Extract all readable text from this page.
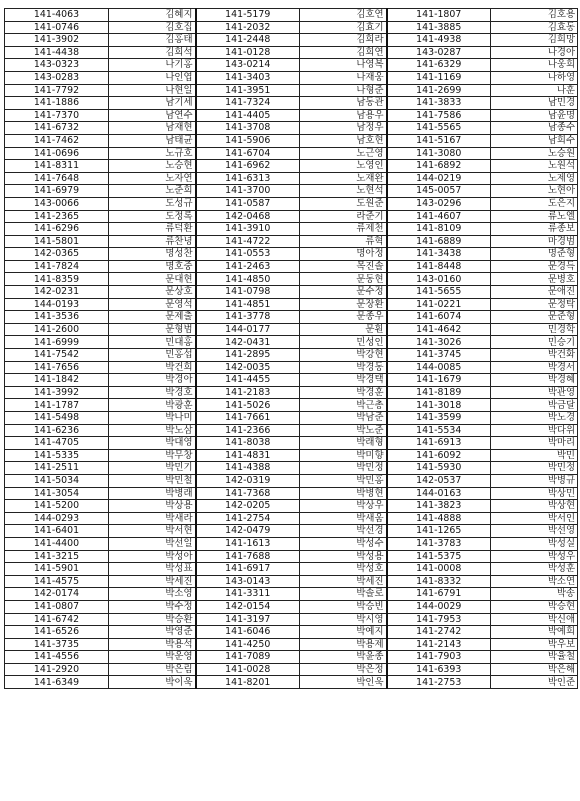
141-4063	김혜지	141-5179	김호연	141-1807	김호용
141-0746	김호집	141-2032	김효기	141-3885	김효동
141-3902	김홍태	141-2448	김희라	141-4938	김희망
141-4438	김희석	141-0128	김희연	143-0287	나경아
143-0323	나기홍	143-0214	나영복	141-6329	나웅희
143-0283	나인엽	141-3403	나재웅	141-1169	나하영
141-7792	나현일	141-3951	나형준	141-2699	나훈
141-1886	남기세	141-7324	남동관	141-3833	남민경
141-7370	남연수	141-4405	남용우	141-7586	남윤명
141-6732	남재현	141-3708	남정우	141-5565	남종수
141-7462	남태균	141-5906	남호현	141-5167	남희수
141-0696	노규호	141-6704	노근영	141-3080	노승원
141-8311	노승현	141-6962	노영인	141-6892	노원석
141-7648	노자연	141-6313	노재완	144-0219	노제영
141-6979	노준희	141-3700	노현석	145-0057	노현아
143-0066	도성규	141-0587	도원준	143-0296	도은지
141-2365	도정록	142-0468	라준기	141-4607	류노엘
141-6296	류덕환	141-3910	류제천	141-8109	류종보
141-5801	류찬녕	141-4722	류혁	141-6889	마경범
142-0365	명성찬	141-0553	명아정	141-3438	명준형
141-7824	명호중	141-2463	목진솔	141-8448	문경득
141-8359	문대현	141-4850	문동현	143-0160	문병호
142-0231	문상호	141-0798	문수정	141-5655	문애진
144-0193	문영석	141-4851	문장환	141-0221	문정탁
141-3536	문제출	141-3778	문종우	141-6074	문준형
141-2600	문형범	144-0177	문훤	141-4642	민경학
141-6999	민대홍	142-0431	민성인	141-3026	민승기
141-7542	민홍섭	141-2895	박강현	141-3745	박건화
141-7656	박건희	142-0035	박경동	144-0085	박경서
141-1842	박경아	141-4455	박경택	141-1679	박경혜
141-3992	박경호	141-2183	박경훈	141-8189	박관영
141-1787	박광훈	141-5026	박근총	141-3018	박금달
141-5498	박나미	141-7661	박남준	141-3599	박노경
141-6236	박노삼	141-2366	박노준	141-5534	박다위
141-4705	박대영	141-8038	박래형	141-6913	박마리
141-5335	박무창	141-4831	박미향	141-6092	박민
141-2511	박민기	141-4388	박민정	141-5930	박민정
141-5034	박민철	142-0319	박민홍	142-0537	박병규
141-3054	박병래	141-7368	박병현	144-0163	박상민
141-5200	박상용	142-0205	박상우	141-3823	박상현
144-0293	박새라	141-2754	박새움	141-4888	박서인
141-6401	박서현	142-0479	박선경	141-1265	박선영
141-4400	박선일	141-1613	박성수	141-3783	박성실
141-3215	박성아	141-7688	박성용	141-5375	박성우
141-5901	박성표	141-6917	박성호	141-0008	박성훈
141-4575	박세진	143-0143	박세진	141-8332	박소연
142-0174	박소영	141-3311	박솔로	141-6791	박송
141-0807	박수정	142-0154	박승빈	144-0029	박승현
141-6742	박승환	141-3197	박시영	141-7953	박신애
141-6526	박영준	141-6046	박예지	141-2742	박예희
141-3735	박용석	141-4250	박용제	141-2143	박우보
141-4556	박운영	141-7089	박윤종	141-7903	박율철
141-2920	박은림	141-0028	박은정	141-6393	박은해
141-6349	박이욱	141-8201	박인욱	141-2753	박인준
